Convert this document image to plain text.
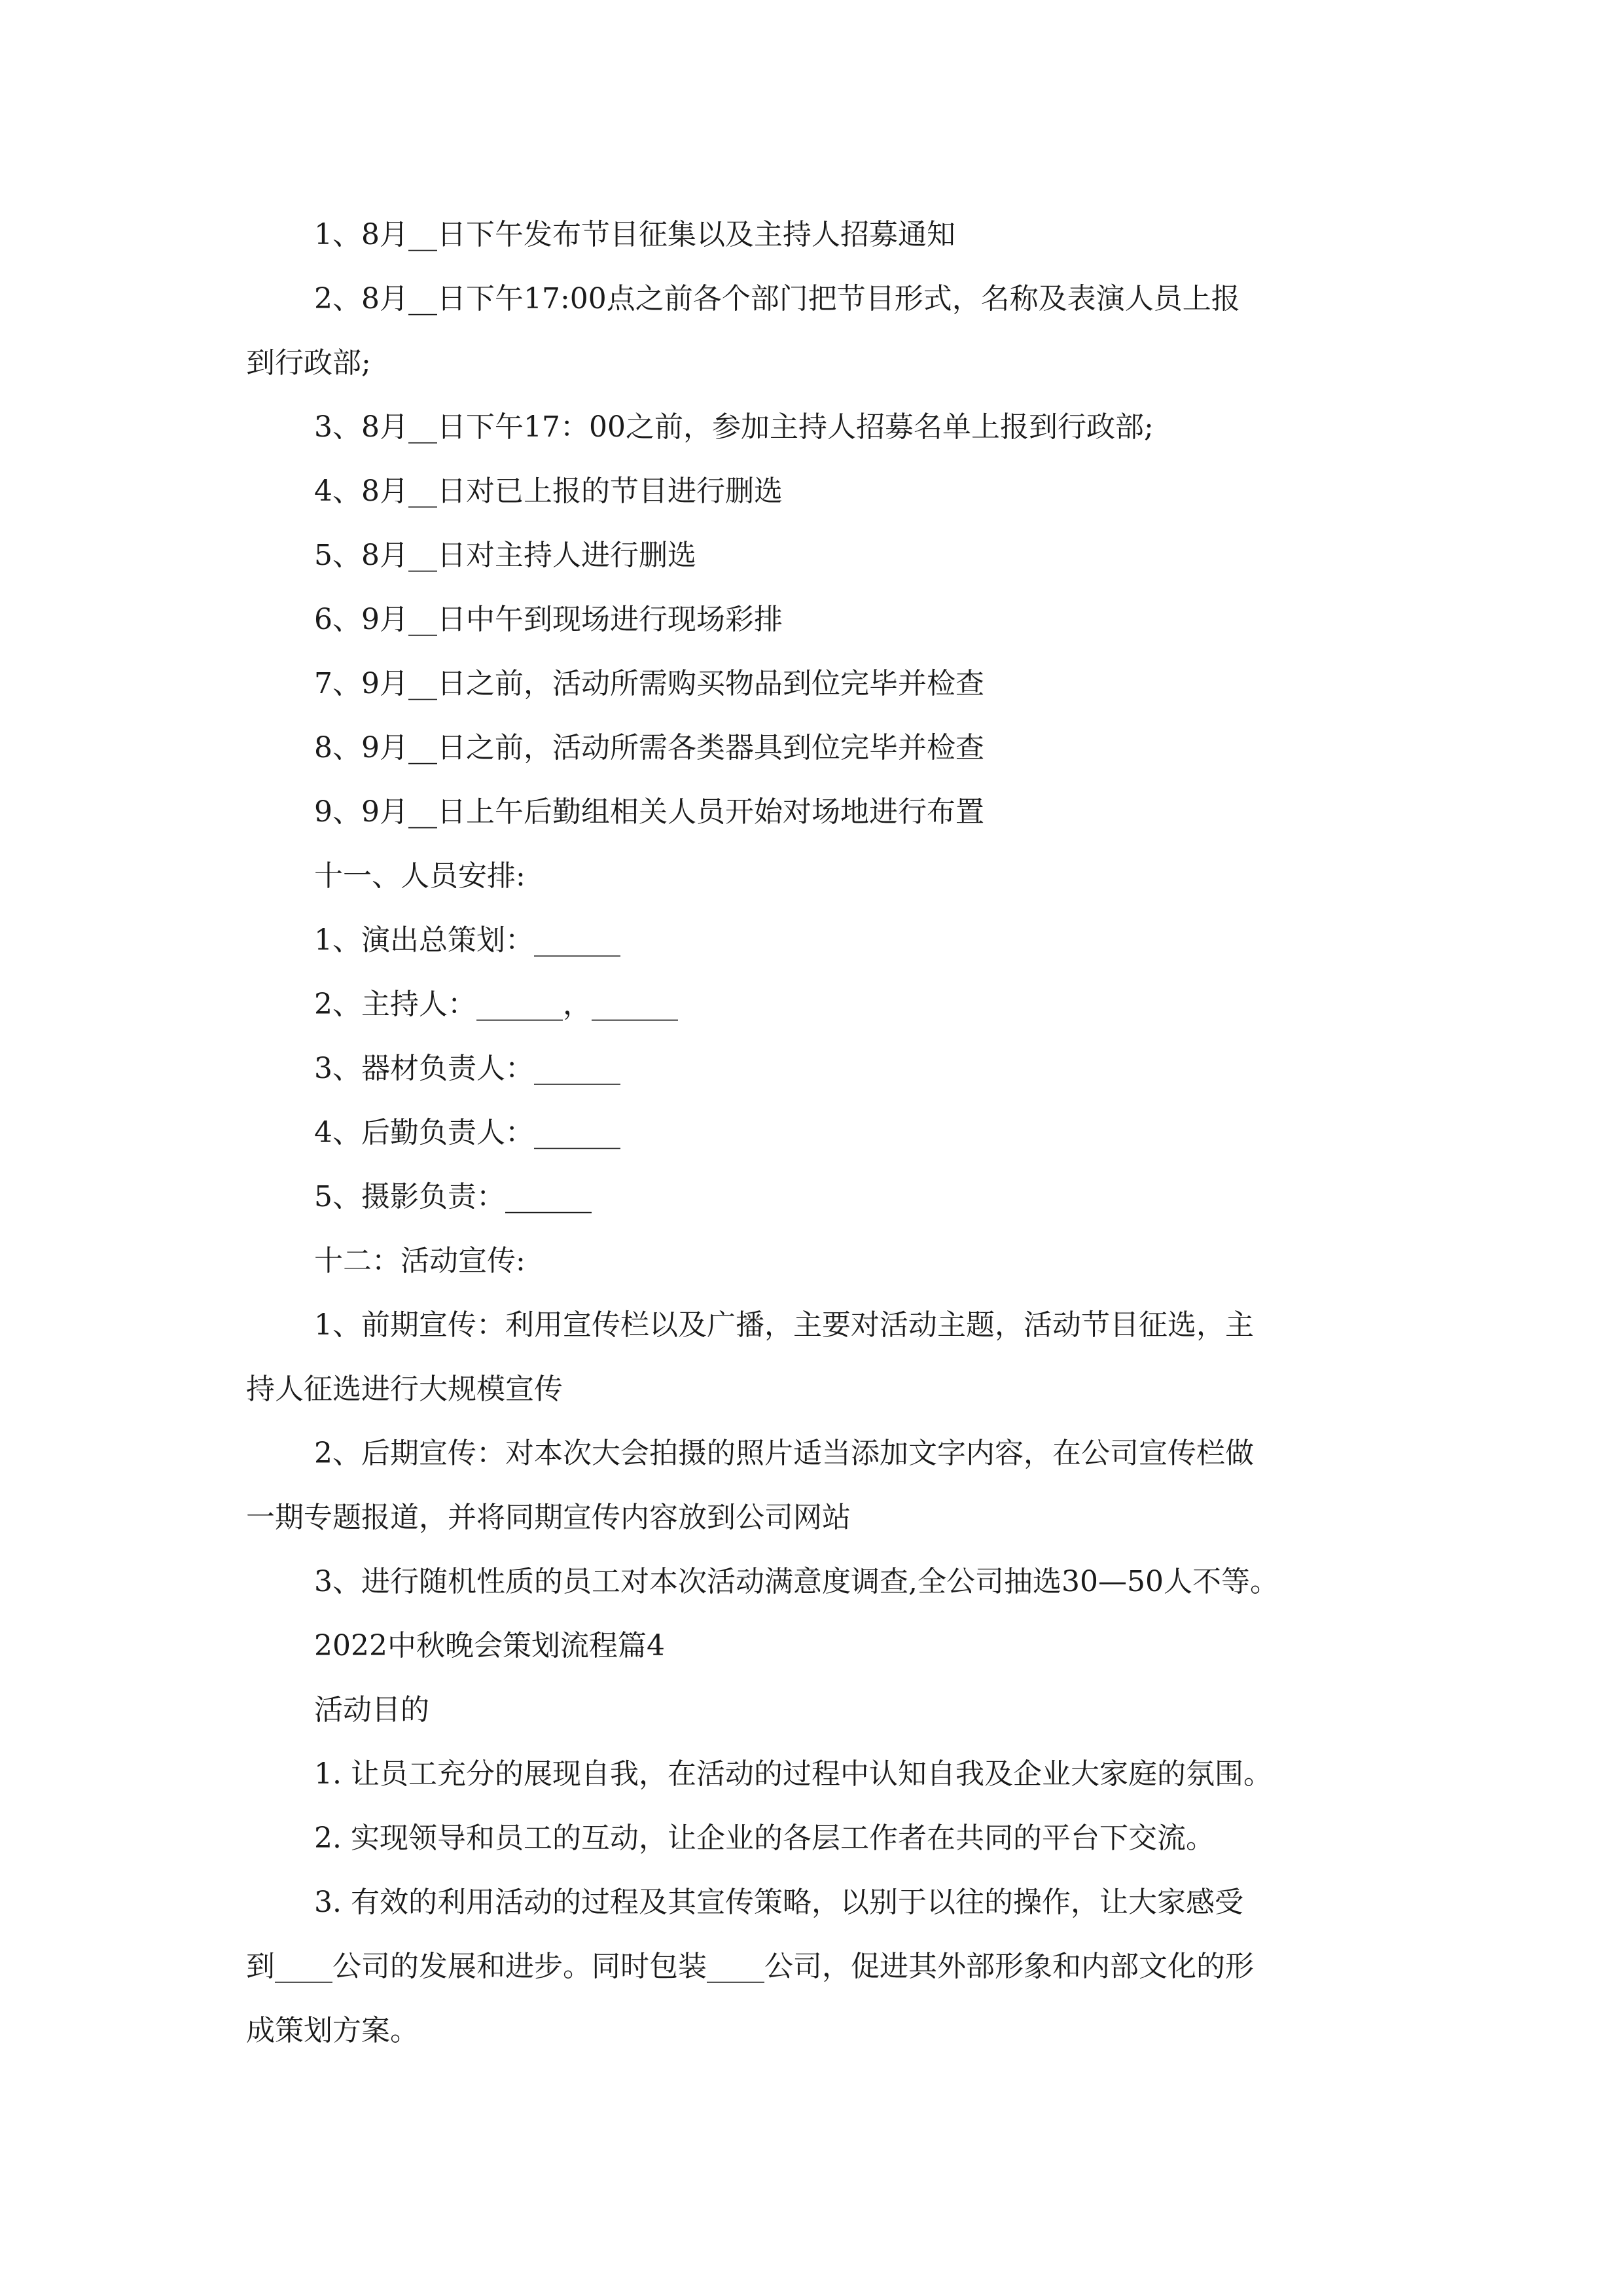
1、8月__日下午发布节目征集以及主持人招募通知

2、8月__日下午17:00点之前各个部门把节目形式，名称及表演人员上报

到行政部;

3、8月__日下午17：00之前，参加主持人招募名单上报到行政部;

4、8月__日对已上报的节目进行删选

5、8月__日对主持人进行删选

6、9月__日中午到现场进行现场彩排

7、9月__日之前，活动所需购买物品到位完毕并检查

8、9月__日之前，活动所需各类器具到位完毕并检查

9、9月__日上午后勤组相关人员开始对场地进行布置

十一、人员安排:

1、演出总策划：______

2、主持人：______，______

3、器材负责人：______

4、后勤负责人：______

5、摄影负责：______

十二：活动宣传:

1、前期宣传：利用宣传栏以及广播，主要对活动主题，活动节目征选，主

持人征选进行大规模宣传

2、后期宣传：对本次大会拍摄的照片适当添加文字内容，在公司宣传栏做

一期专题报道，并将同期宣传内容放到公司网站

3、进行随机性质的员工对本次活动满意度调查,全公司抽选30—50人不等。

2022中秋晚会策划流程篇4

活动目的

1. 让员工充分的展现自我，在活动的过程中认知自我及企业大家庭的氛围。

2. 实现领导和员工的互动，让企业的各层工作者在共同的平台下交流。

3. 有效的利用活动的过程及其宣传策略，以别于以往的操作，让大家感受

到____公司的发展和进步。同时包装____公司，促进其外部形象和内部文化的形

成策划方案。
